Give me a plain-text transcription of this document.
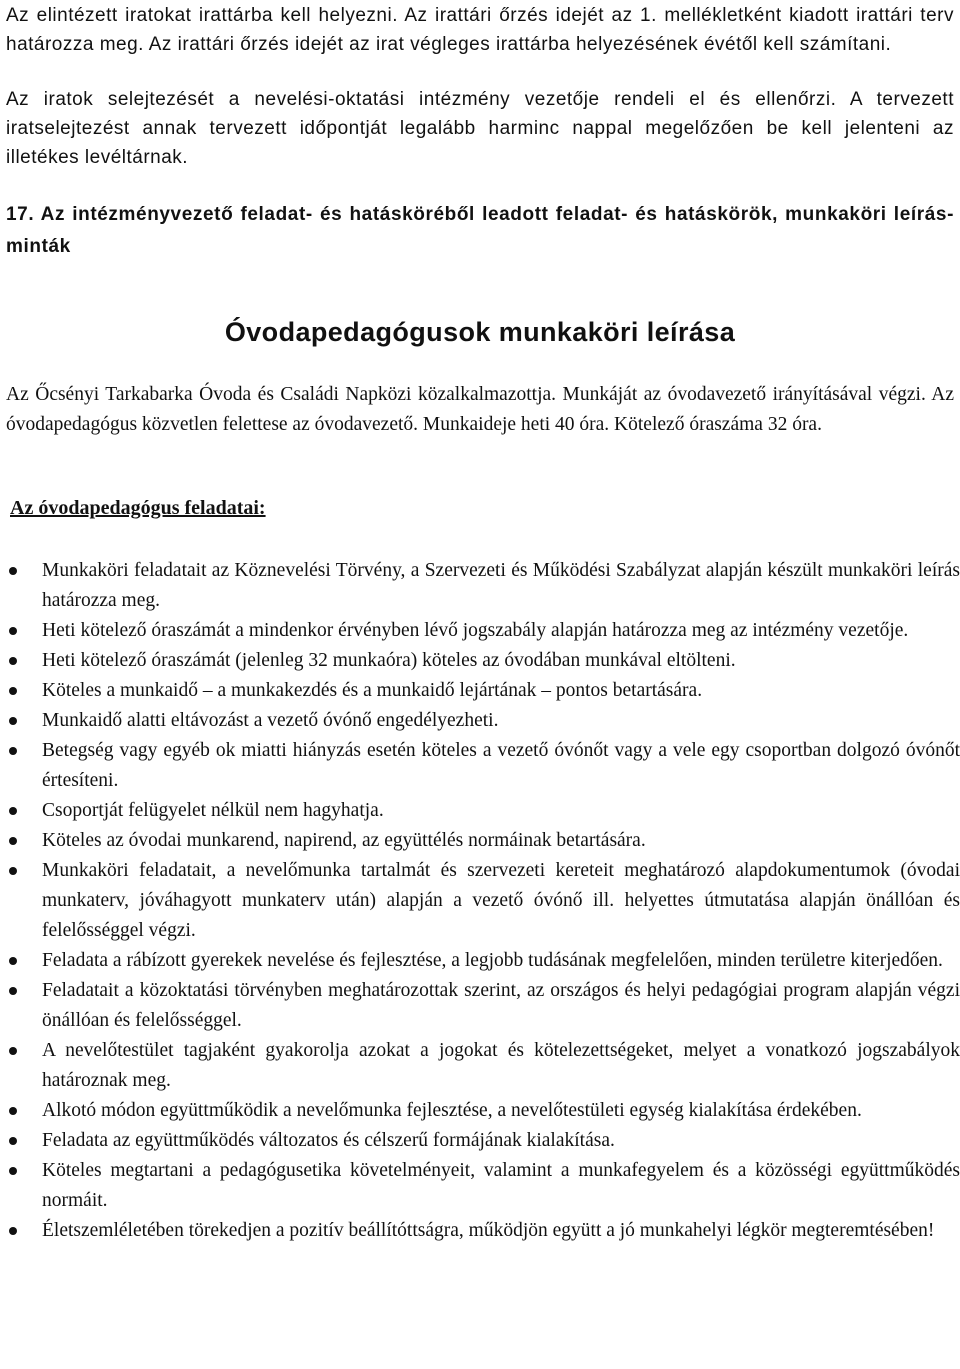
Az elintézett iratokat irattárba kell helyezni. Az irattári őrzés idejét az 1. mellékletként kiadott irattári terv határozza meg. Az irattári őrzés idejét az irat végleges irattárba helyezésének évétől kell számítani.

Az iratok selejtezését a nevelési-oktatási intézmény vezetője rendeli el és ellenőrzi. A tervezett iratselejtezést annak tervezett időpontját legalább harminc nappal megelőzően be kell jelenteni az illetékes levéltárnak.

17. Az intézményvezető feladat- és hatásköréből leadott feladat- és hatáskörök, munkaköri leírás-minták

Óvodapedagógusok munkaköri leírása

Az Őcsényi Tarkabarka Óvoda és Családi Napközi közalkalmazottja. Munkáját az óvodavezető irányításával végzi. Az óvodapedagógus közvetlen felettese az óvodavezető. Munkaideje heti 40 óra. Kötelező óraszáma 32 óra.

Az óvodapedagógus feladatai:
Munkaköri feladatait az Köznevelési Törvény, a Szervezeti és Működési Szabályzat alapján készült munkaköri leírás határozza meg.
Heti kötelező óraszámát a mindenkor érvényben lévő jogszabály alapján határozza meg az intézmény vezetője.
Heti kötelező óraszámát (jelenleg 32 munkaóra) köteles az óvodában munkával eltölteni.
Köteles a munkaidő – a munkakezdés és a munkaidő lejártának – pontos betartására.
Munkaidő alatti eltávozást a vezető óvónő engedélyezheti.
Betegség vagy egyéb ok miatti hiányzás esetén köteles a vezető óvónőt vagy a vele egy csoportban dolgozó óvónőt értesíteni.
Csoportját felügyelet nélkül nem hagyhatja.
Köteles az óvodai munkarend, napirend, az együttélés normáinak betartására.
Munkaköri feladatait, a nevelőmunka tartalmát és szervezeti kereteit meghatározó alapdokumentumok (óvodai munkaterv, jóváhagyott munkaterv után) alapján a vezető óvónő ill. helyettes útmutatása alapján önállóan és felelősséggel végzi.
Feladata a rábízott gyerekek nevelése és fejlesztése, a legjobb tudásának megfelelően, minden területre kiterjedően.
Feladatait a közoktatási törvényben meghatározottak szerint, az országos és helyi pedagógiai program alapján végzi önállóan és felelősséggel.
A nevelőtestület tagjaként gyakorolja azokat a jogokat és kötelezettségeket, melyet a vonatkozó jogszabályok határoznak meg.
Alkotó módon együttműködik a nevelőmunka fejlesztése, a nevelőtestületi egység kialakítása érdekében.
Feladata az együttműködés változatos és célszerű formájának kialakítása.
Köteles megtartani a pedagógusetika követelményeit, valamint a munkafegyelem és a közösségi együttműködés normáit.
Életszemléletében törekedjen a pozitív beállítóttságra, működjön együtt a jó munkahelyi légkör megteremtésében!
